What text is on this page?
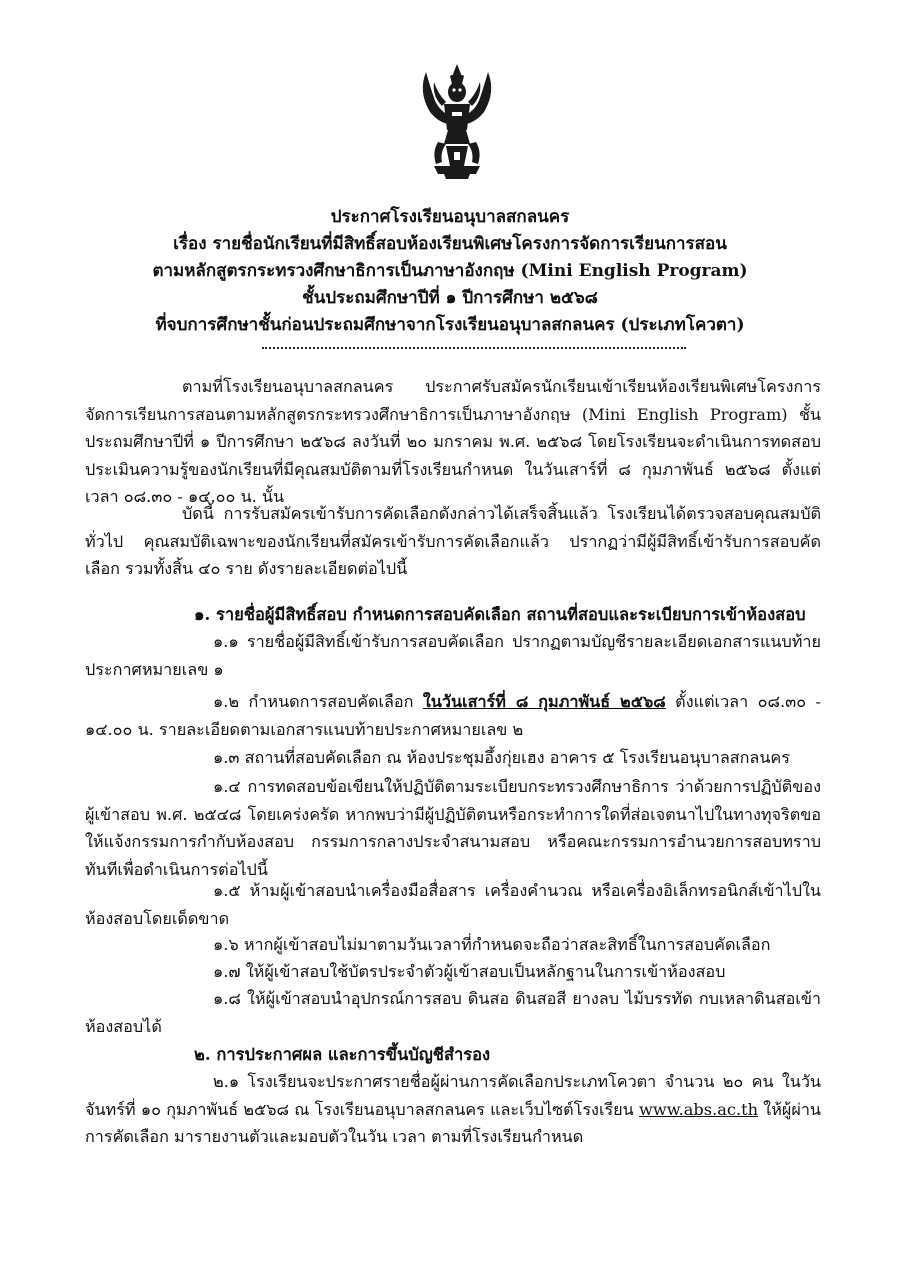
ประกาศโรงเรียนอนุบาลสกลนคร
เรื่อง รายชื่อนักเรียนที่มีสิทธิ์สอบห้องเรียนพิเศษโครงการจัดการเรียนการสอน
ตามหลักสูตรกระทรวงศึกษาธิการเป็นภาษาอังกฤษ (Mini English Program)
ชั้นประถมศึกษาปีที่ ๑ ปีการศึกษา ๒๕๖๘
ที่จบการศึกษาชั้นก่อนประถมศึกษาจากโรงเรียนอนุบาลสกลนคร (ประเภทโควตา)
ตามที่โรงเรียนอนุบาลสกลนคร ประกาศรับสมัครนักเรียนเข้าเรียนห้องเรียนพิเศษโครงการจัดการเรียนการสอนตามหลักสูตรกระทรวงศึกษาธิการเป็นภาษาอังกฤษ (Mini English Program) ชั้นประถมศึกษาปีที่ ๑ ปีการศึกษา ๒๕๖๘ ลงวันที่ ๒๐ มกราคม พ.ศ. ๒๕๖๘ โดยโรงเรียนจะดำเนินการทดสอบประเมินความรู้ของนักเรียนที่มีคุณสมบัติตามที่โรงเรียนกำหนด ในวันเสาร์ที่ ๘ กุมภาพันธ์ ๒๕๖๘ ตั้งแต่เวลา ๐๘.๓๐ - ๑๔.๐๐ น. นั้น
บัดนี้ การรับสมัครเข้ารับการคัดเลือกดังกล่าวได้เสร็จสิ้นแล้ว โรงเรียนได้ตรวจสอบคุณสมบัติทั่วไป คุณสมบัติเฉพาะของนักเรียนที่สมัครเข้ารับการคัดเลือกแล้ว ปรากฏว่ามีผู้มีสิทธิ์เข้ารับการสอบคัดเลือก รวมทั้งสิ้น ๔๐ ราย ดังรายละเอียดต่อไปนี้
๑. รายชื่อผู้มีสิทธิ์สอบ กำหนดการสอบคัดเลือก สถานที่สอบและระเบียบการเข้าห้องสอบ
๑.๑ รายชื่อผู้มีสิทธิ์เข้ารับการสอบคัดเลือก ปรากฏตามบัญชีรายละเอียดเอกสารแนบท้ายประกาศหมายเลข ๑
๑.๒ กำหนดการสอบคัดเลือก ในวันเสาร์ที่ ๘ กุมภาพันธ์ ๒๕๖๘ ตั้งแต่เวลา ๐๘.๓๐ - ๑๔.๐๐ น. รายละเอียดตามเอกสารแนบท้ายประกาศหมายเลข ๒
๑.๓ สถานที่สอบคัดเลือก ณ ห้องประชุมอึ้งกุ่ยเฮง อาคาร ๕ โรงเรียนอนุบาลสกลนคร
๑.๔ การทดสอบข้อเขียนให้ปฏิบัติตามระเบียบกระทรวงศึกษาธิการ ว่าด้วยการปฏิบัติของผู้เข้าสอบ พ.ศ. ๒๕๔๘ โดยเคร่งครัด หากพบว่ามีผู้ปฏิบัติตนหรือกระทำการใดที่ส่อเจตนาไปในทางทุจริตขอให้แจ้งกรรมการกำกับห้องสอบ กรรมการกลางประจำสนามสอบ หรือคณะกรรมการอำนวยการสอบทราบทันทีเพื่อดำเนินการต่อไปนี้
๑.๕ ห้ามผู้เข้าสอบนำเครื่องมือสื่อสาร เครื่องคำนวณ หรือเครื่องอิเล็กทรอนิกส์เข้าไปในห้องสอบโดยเด็ดขาด
๑.๖ หากผู้เข้าสอบไม่มาตามวันเวลาที่กำหนดจะถือว่าสละสิทธิ์ในการสอบคัดเลือก
๑.๗ ให้ผู้เข้าสอบใช้บัตรประจำตัวผู้เข้าสอบเป็นหลักฐานในการเข้าห้องสอบ
๑.๘ ให้ผู้เข้าสอบนำอุปกรณ์การสอบ ดินสอ ดินสอสี ยางลบ ไม้บรรทัด กบเหลาดินสอเข้าห้องสอบได้
๒. การประกาศผล และการขึ้นบัญชีสำรอง
๒.๑ โรงเรียนจะประกาศรายชื่อผู้ผ่านการคัดเลือกประเภทโควตา จำนวน ๒๐ คน ในวันจันทร์ที่ ๑๐ กุมภาพันธ์ ๒๕๖๘ ณ โรงเรียนอนุบาลสกลนคร และเว็บไซต์โรงเรียน www.abs.ac.th ให้ผู้ผ่านการคัดเลือก มารายงานตัวและมอบตัวในวัน เวลา ตามที่โรงเรียนกำหนด
